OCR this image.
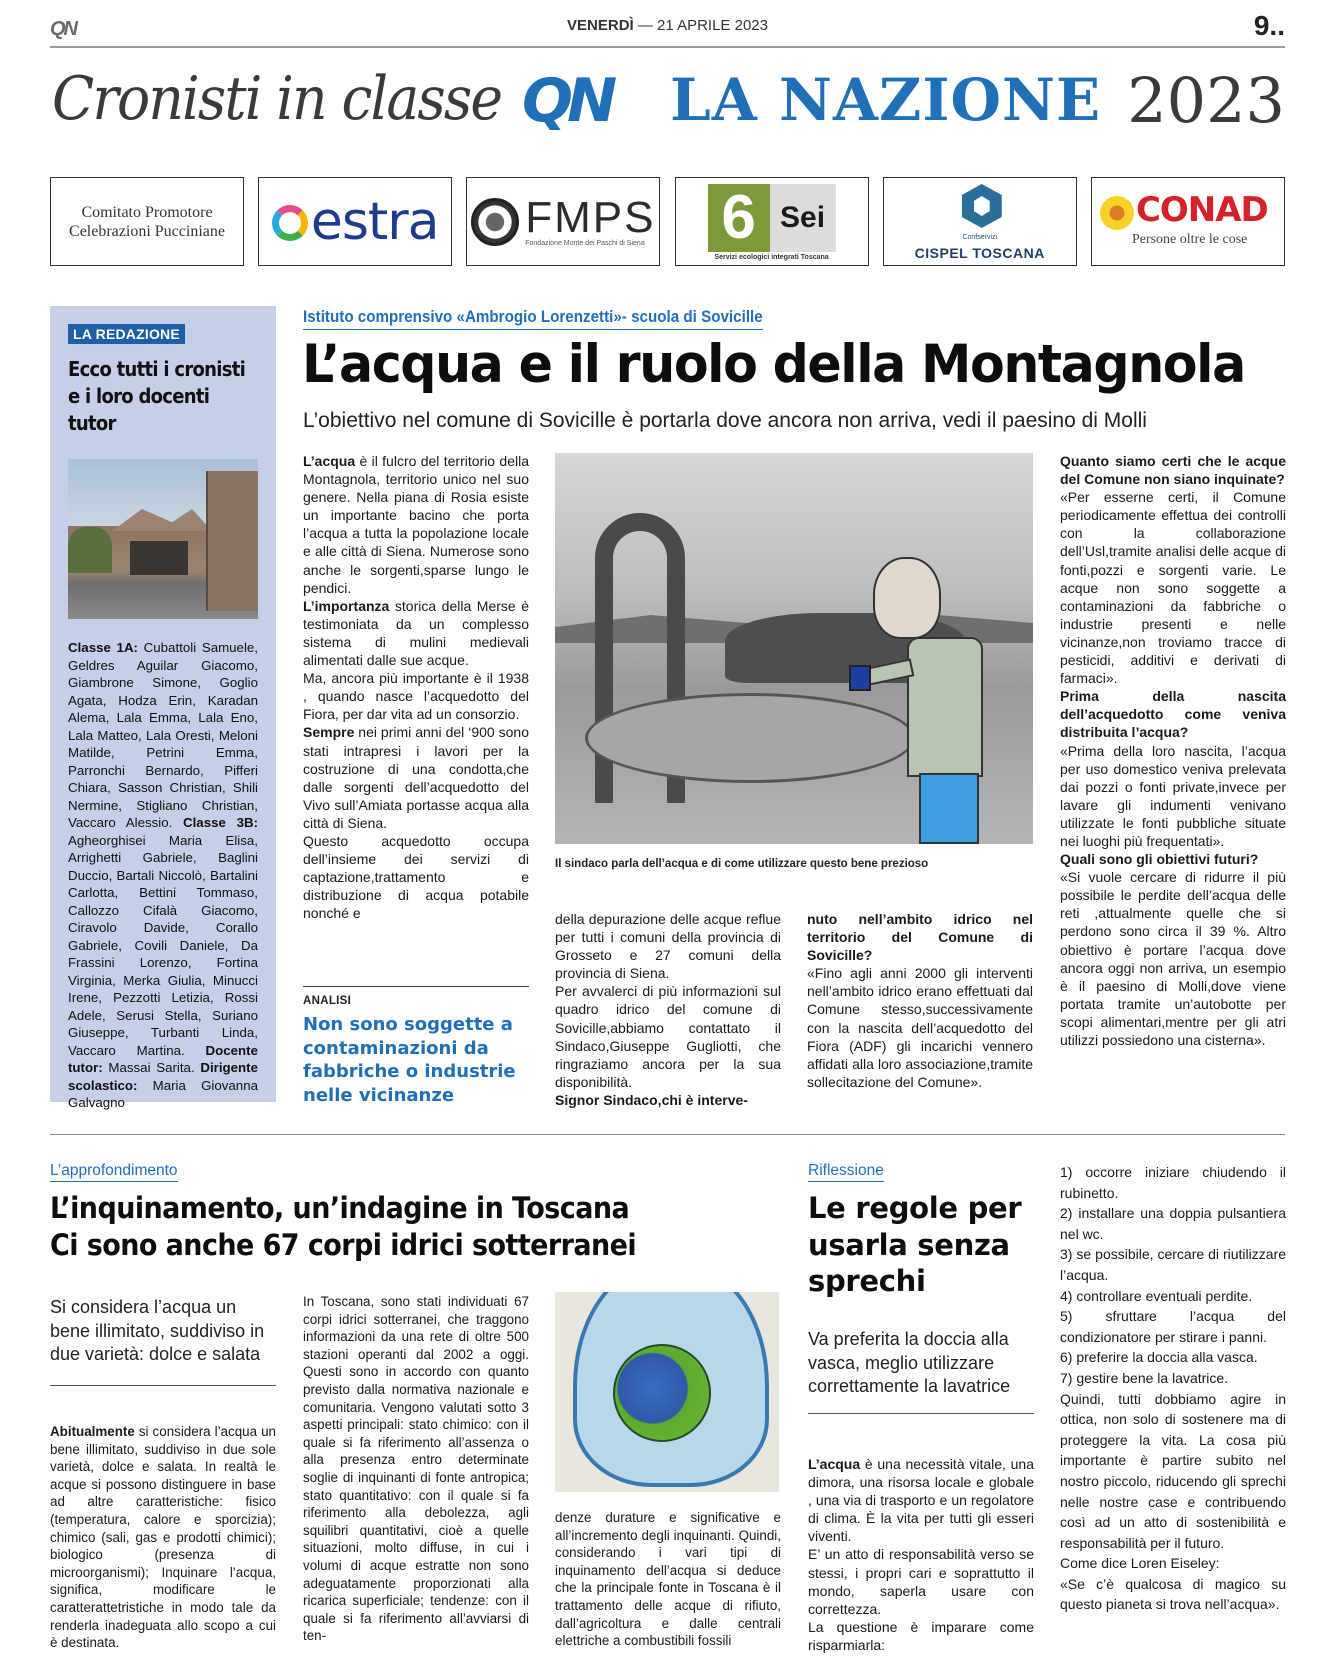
QN	VENERDÌ — 21 APRILE 2023	9..
Cronisti in classe QN LA NAZIONE 2023
Comitato Promotore
Celebrazioni Pucciniane	estra FMPS
Fondazione Monte dei Paschi di Siena 6 Sei
Servizi ecologici integrati Toscana
Confservizi
CISPEL TOSCANA
CONAD
Persone oltre le cose
LA REDAZIONE
Ecco tutti i cronisti e i loro docenti tutor

Classe 1A: Cubattoli Samuele, Geldres Aguilar Giacomo, Giambrone Simone, Goglio Agata, Hodza Erin, Karadan Alema, Lala Emma, Lala Eno, Lala Matteo, Lala Oresti, Meloni Matilde, Petrini Emma, Parronchi Bernardo, Pifferi Chiara, Sasson Christian, Shili Nermine, Stigliano Christian, Vaccaro Alessio. Classe 3B: Agheorghisei Maria Elisa, Arrighetti Gabriele, Baglini Duccio, Bartali Niccolò, Bartalini Carlotta, Bettini Tommaso, Callozzo Cifalà Giacomo, Ciravolo Davide, Corallo Gabriele, Covili Daniele, Da Frassini Lorenzo, Fortina Virginia, Merka Giulia, Minucci Irene, Pezzotti Letizia, Rossi Adele, Serusi Stella, Suriano Giuseppe, Turbanti Linda, Vaccaro Martina. Docente tutor: Massai Sarita. Dirigente scolastico: Maria Giovanna Galvagno

Istituto comprensivo «Ambrogio Lorenzetti»- scuola di Sovicille
L’acqua e il ruolo della Montagnola
L’obiettivo nel comune di Sovicille è portarla dove ancora non arriva, vedi il paesino di Molli

L’acqua è il fulcro del territorio della Montagnola, territorio unico nel suo genere. Nella piana di Rosia esiste un importante bacino che porta l’acqua a tutta la popolazione locale e alle città di Siena. Numerose sono anche le sorgenti,sparse lungo le pendici.

L’importanza storica della Merse è testimoniata da un complesso sistema di mulini medievali alimentati dalle sue acque.

Ma, ancora più importante è il 1938 , quando nasce l’acquedotto del Fiora, per dar vita ad un consorzio.

Sempre nei primi anni del ‘900 sono stati intrapresi i lavori per la costruzione di una condotta,che dalle sorgenti dell’acquedotto del Vivo sull’Amiata portasse acqua alla città di Siena.

Questo acquedotto occupa dell’insieme dei servizi di captazione,trattamento e distribuzione di acqua potabile nonché e

ANALISI
Non sono soggette a contaminazioni da fabbriche o industrie nelle vicinanze
Il sindaco parla dell’acqua e di come utilizzare questo bene prezioso

della depurazione delle acque reflue per tutti i comuni della provincia di Grosseto e 27 comuni della provincia di Siena.

Per avvalerci di più informazioni sul quadro idrico del comune di Sovicille,abbiamo contattato il Sindaco,Giuseppe Gugliotti, che ringraziamo ancora per la sua disponibilità.

Signor Sindaco,chi è interve-

nuto nell’ambito idrico nel territorio del Comune di Sovicille?

«Fino agli anni 2000 gli interventi nell’ambito idrico erano effettuati dal Comune stesso,successivamente con la nascita dell’acquedotto del Fiora (ADF) gli incarichi vennero affidati alla loro associazione,tramite sollecitazione del Comune».

Quanto siamo certi che le acque del Comune non siano inquinate?

«Per esserne certi, il Comune periodicamente effettua dei controlli con la collaborazione dell’Usl,tramite analisi delle acque di fonti,pozzi e sorgenti varie. Le acque non sono soggette a contaminazioni da fabbriche o industrie presenti e nelle vicinanze,non troviamo tracce di pesticidi, additivi e derivati di farmaci».

Prima della nascita dell’acquedotto come veniva distribuita l’acqua?

«Prima della loro nascita, l’acqua per uso domestico veniva prelevata dai pozzi o fonti private,invece per lavare gli indumenti venivano utilizzate le fonti pubbliche situate nei luoghi più frequentati».

Quali sono gli obiettivi futuri?

«Si vuole cercare di ridurre il più possibile le perdite dell’acqua delle reti ,attualmente quelle che si perdono sono circa il 39 %. Altro obiettivo è portare l’acqua dove ancora oggi non arriva, un esempio è il paesino di Molli,dove viene portata tramite un’autobotte per scopi alimentari,mentre per gli atri utilizzi possiedono una cisterna».

L’approfondimento
L’inquinamento, un’indagine in Toscana
Ci sono anche 67 corpi idrici sotterranei
Si considera l’acqua un bene illimitato, suddiviso in due varietà: dolce e salata

Abitualmente si considera l’acqua un bene illimitato, suddiviso in due sole varietà, dolce e salata. In realtà le acque si possono distinguere in base ad altre caratteristiche: fisico (temperatura, calore e sporcizia); chimico (sali, gas e prodotti chimici); biologico (presenza di microorganismi); Inquinare l’acqua, significa, modificare le caratterattetristiche in modo tale da renderla inadeguata allo scopo a cui è destinata.

In Toscana, sono stati individuati 67 corpi idrici sotterranei, che traggono informazioni da una rete di oltre 500 stazioni operanti dal 2002 a oggi. Questi sono in accordo con quanto previsto dalla normativa nazionale e comunitaria. Vengono valutati sotto 3 aspetti principali: stato chimico: con il quale si fa riferimento all’assenza o alla presenza entro determinate soglie di inquinanti di fonte antropica; stato quantitativo: con il quale si fa riferimento alla debolezza, agli squilibri quantitativi, cioè a quelle situazioni, molto diffuse, in cui i volumi di acque estratte non sono adeguatamente proporzionati alla ricarica superficiale; tendenze: con il quale si fa riferimento all’avviarsi di ten-

denze durature e significative e all’incremento degli inquinanti. Quindi, considerando i vari tipi di inquinamento dell’acqua si deduce che la principale fonte in Toscana è il trattamento delle acque di rifiuto, dall’agricoltura e dalle centrali elettriche a combustibili fossili

Riflessione
Le regole per usarla senza sprechi
Va preferita la doccia alla vasca, meglio utilizzare correttamente la lavatrice

L’acqua è una necessità vitale, una dimora, una risorsa locale e globale , una via di trasporto e un regolatore di clima. È la vita per tutti gli esseri viventi.

E’ un atto di responsabilità verso se stessi, i propri cari e soprattutto il mondo, saperla usare con correttezza.

La questione è imparare come risparmiarla:

1) occorre iniziare chiudendo il rubinetto.

2) installare una doppia pulsantiera nel wc.

3) se possibile, cercare di riutilizzare l’acqua.

4) controllare eventuali perdite.

5) sfruttare l’acqua del condizionatore per stirare i panni.

6) preferire la doccia alla vasca.

7) gestire bene la lavatrice.

Quindi, tutti dobbiamo agire in ottica, non solo di sostenere ma di proteggere la vita. La cosa più importante è partire subito nel nostro piccolo, riducendo gli sprechi nelle nostre case e contribuendo così ad un atto di sostenibilità e responsabilità per il futuro.

Come dice Loren Eiseley:

«Se c’è qualcosa di magico su questo pianeta si trova nell’acqua».
